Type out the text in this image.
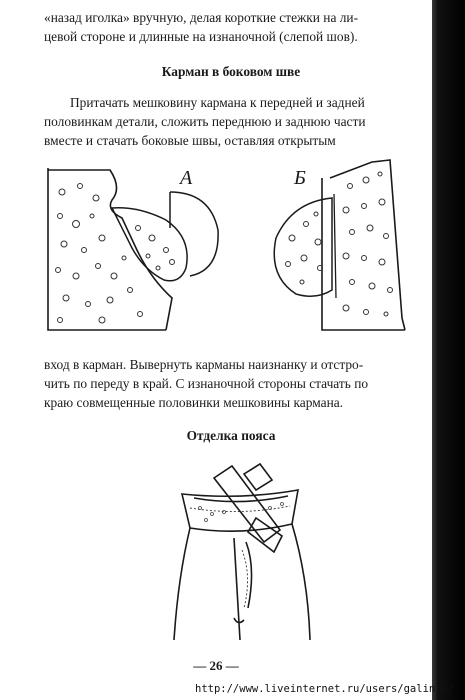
«назад иголка» вручную, делая короткие стежки на ли-
цевой стороне и длинные на изнаночной (слепой шов).
Карман в боковом шве
Притачать мешковину кармана к передней и задней
половинкам детали, сложить переднюю и заднюю части
вместе и стачать боковые швы, оставляя открытым
А	Б
вход в карман. Вывернуть карманы наизнанку и отстро-
чить по переду в край. С изнаночной стороны стачать по
краю совмещенные половинки мешковины кармана.
Отделка пояса
— 26 —
http://www.liveinternet.ru/users/galin_o/
